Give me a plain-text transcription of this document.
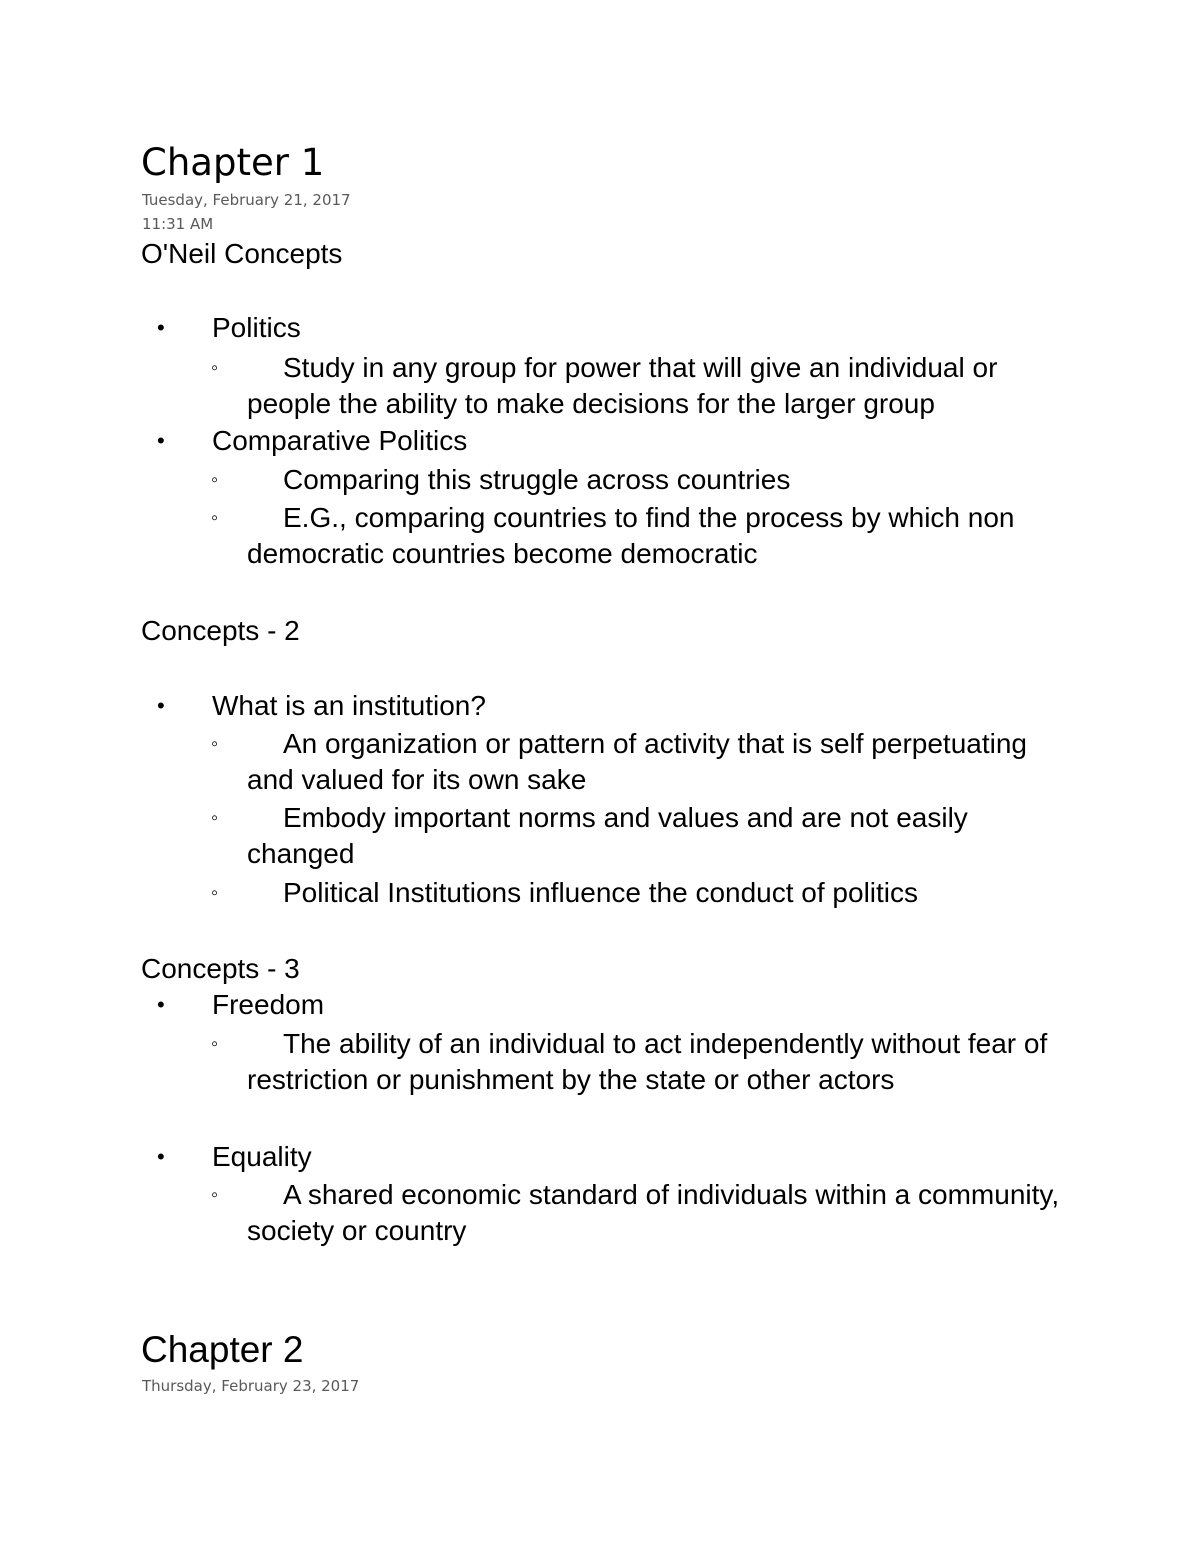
Chapter 1
Tuesday, February 21, 2017
11:31 AM
O'Neil Concepts
• Politics
◦	Study in any group for power that will give an individual or people the ability to make decisions for the larger group
• Comparative Politics
◦	Comparing this struggle across countries
◦	E.G., comparing countries to find the process by which non democratic countries become democratic
Concepts - 2
• What is an institution?
◦	An organization or pattern of activity that is self perpetuating and valued for its own sake
◦	Embody important norms and values and are not easily changed
◦	Political Institutions influence the conduct of politics
Concepts - 3
• Freedom
◦	The ability of an individual to act independently without fear of restriction or punishment by the state or other actors
• Equality
◦	A shared economic standard of individuals within a community, society or country
Chapter 2
Thursday, February 23, 2017
